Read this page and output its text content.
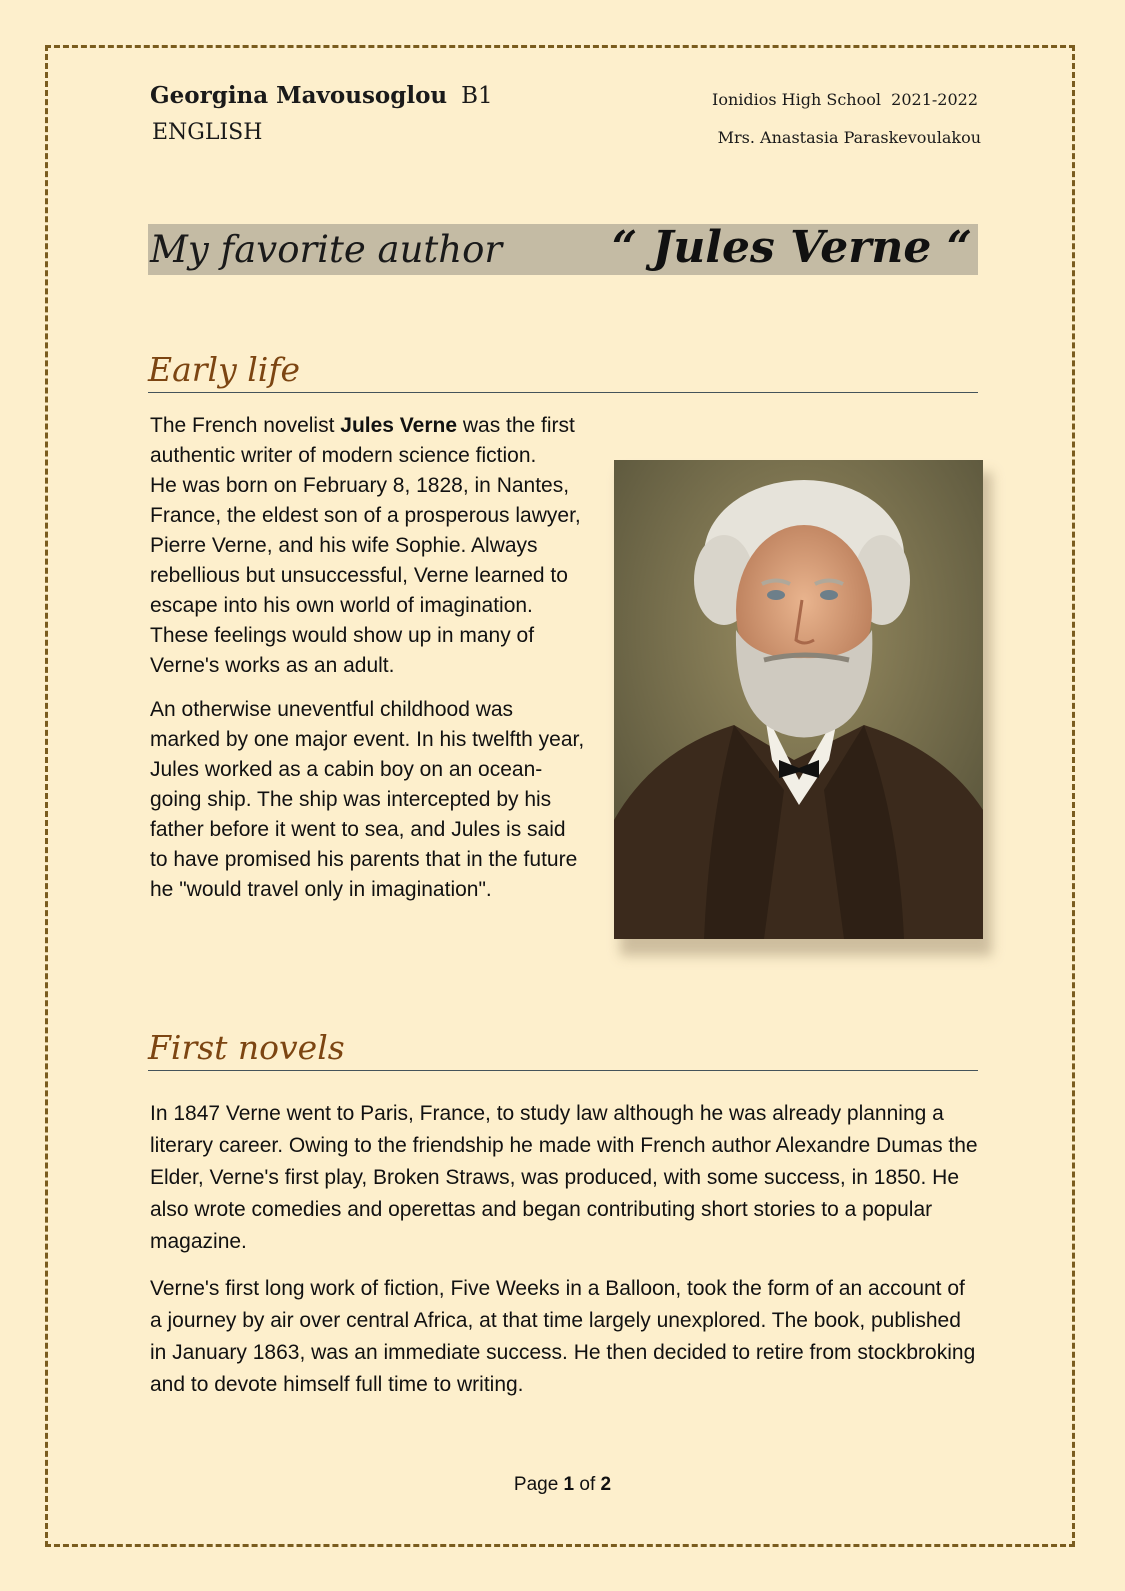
Georgina Mavousoglou B1
ENGLISH
Ionidios High School  2021-2022
Mrs. Anastasia Paraskevoulakou
My favorite author “ Jules Verne “
Early life

The French novelist Jules Verne was the first authentic writer of modern science fiction.

He was born on February 8, 1828, in Nantes, France, the eldest son of a prosperous lawyer, Pierre Verne, and his wife Sophie. Always rebellious but unsuccessful, Verne learned to escape into his own world of imagination. These feelings would show up in many of Verne's works as an adult.

An otherwise uneventful childhood was marked by one major event. In his twelfth year, Jules worked as a cabin boy on an ocean-going ship. The ship was intercepted by his father before it went to sea, and Jules is said to have promised his parents that in the future he "would travel only in imagination".

First novels

In 1847 Verne went to Paris, France, to study law although he was already planning a literary career. Owing to the friendship he made with French author Alexandre Dumas the Elder, Verne's first play, Broken Straws, was produced, with some success, in 1850. He also wrote comedies and operettas and began contributing short stories to a popular magazine.

Verne's first long work of fiction, Five Weeks in a Balloon, took the form of an account of a journey by air over central Africa, at that time largely unexplored. The book, published in January 1863, was an immediate success. He then decided to retire from stockbroking and to devote himself full time to writing.

Page 1 of 2
